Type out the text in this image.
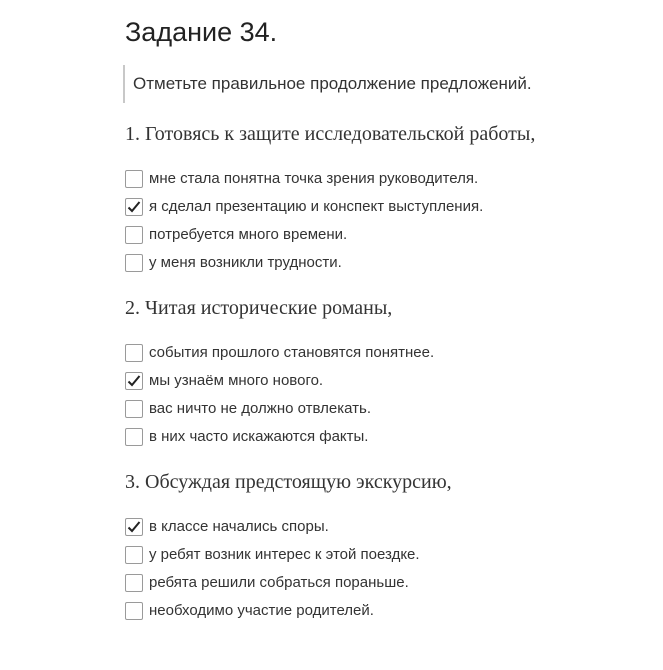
Задание 34.
Отметьте правильное продолжение предложений.
1. Готовясь к защите исследовательской работы,
мне стала понятна точка зрения руководителя.
я сделал презентацию и конспект выступления.
потребуется много времени.
у меня возникли трудности.
2. Читая исторические романы,
события прошлого становятся понятнее.
мы узнаём много нового.
вас ничто не должно отвлекать.
в них часто искажаются факты.
3. Обсуждая предстоящую экскурсию,
в классе начались споры.
у ребят возник интерес к этой поездке.
ребята решили собраться пораньше.
необходимо участие родителей.
